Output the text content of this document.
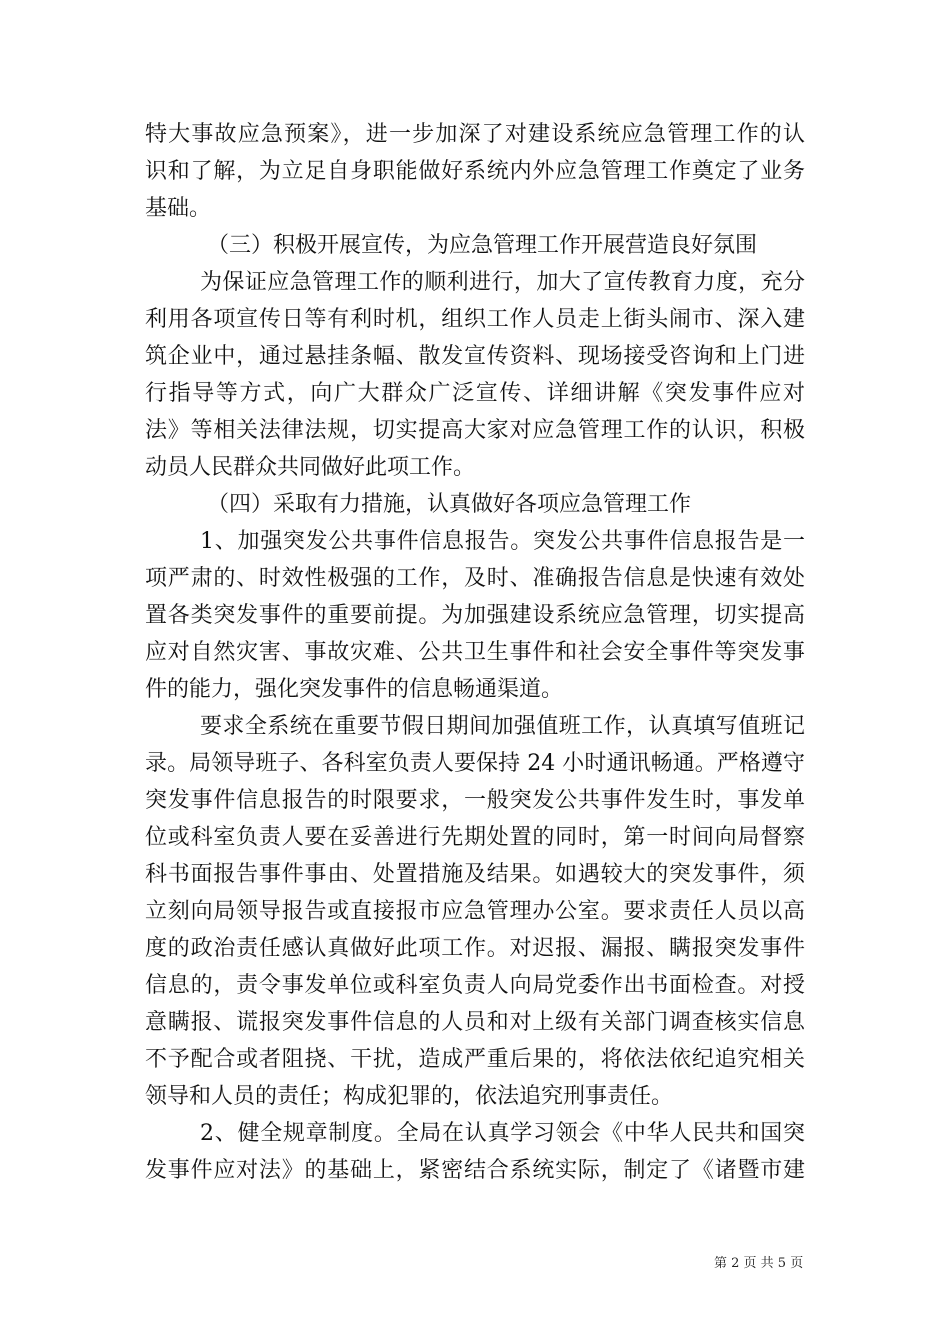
特大事故应急预案》，进一步加深了对建设系统应急管理工作的认
识和了解，为立足自身职能做好系统内外应急管理工作奠定了业务
基础。
（三）积极开展宣传，为应急管理工作开展营造良好氛围
为保证应急管理工作的顺利进行，加大了宣传教育力度，充分
利用各项宣传日等有利时机，组织工作人员走上街头闹市、深入建
筑企业中，通过悬挂条幅、散发宣传资料、现场接受咨询和上门进
行指导等方式，向广大群众广泛宣传、详细讲解《突发事件应对
法》等相关法律法规，切实提高大家对应急管理工作的认识，积极
动员人民群众共同做好此项工作。
（四）采取有力措施，认真做好各项应急管理工作
1、加强突发公共事件信息报告。突发公共事件信息报告是一
项严肃的、时效性极强的工作，及时、准确报告信息是快速有效处
置各类突发事件的重要前提。为加强建设系统应急管理，切实提高
应对自然灾害、事故灾难、公共卫生事件和社会安全事件等突发事
件的能力，强化突发事件的信息畅通渠道。
要求全系统在重要节假日期间加强值班工作，认真填写值班记
录。局领导班子、各科室负责人要保持 24 小时通讯畅通。严格遵守
突发事件信息报告的时限要求，一般突发公共事件发生时，事发单
位或科室负责人要在妥善进行先期处置的同时，第一时间向局督察
科书面报告事件事由、处置措施及结果。如遇较大的突发事件，须
立刻向局领导报告或直接报市应急管理办公室。要求责任人员以高
度的政治责任感认真做好此项工作。对迟报、漏报、瞒报突发事件
信息的，责令事发单位或科室负责人向局党委作出书面检查。对授
意瞒报、谎报突发事件信息的人员和对上级有关部门调查核实信息
不予配合或者阻挠、干扰，造成严重后果的，将依法依纪追究相关
领导和人员的责任；构成犯罪的，依法追究刑事责任。
2、健全规章制度。全局在认真学习领会《中华人民共和国突
发事件应对法》的基础上，紧密结合系统实际，制定了《诸暨市建
第 2 页 共 5 页
